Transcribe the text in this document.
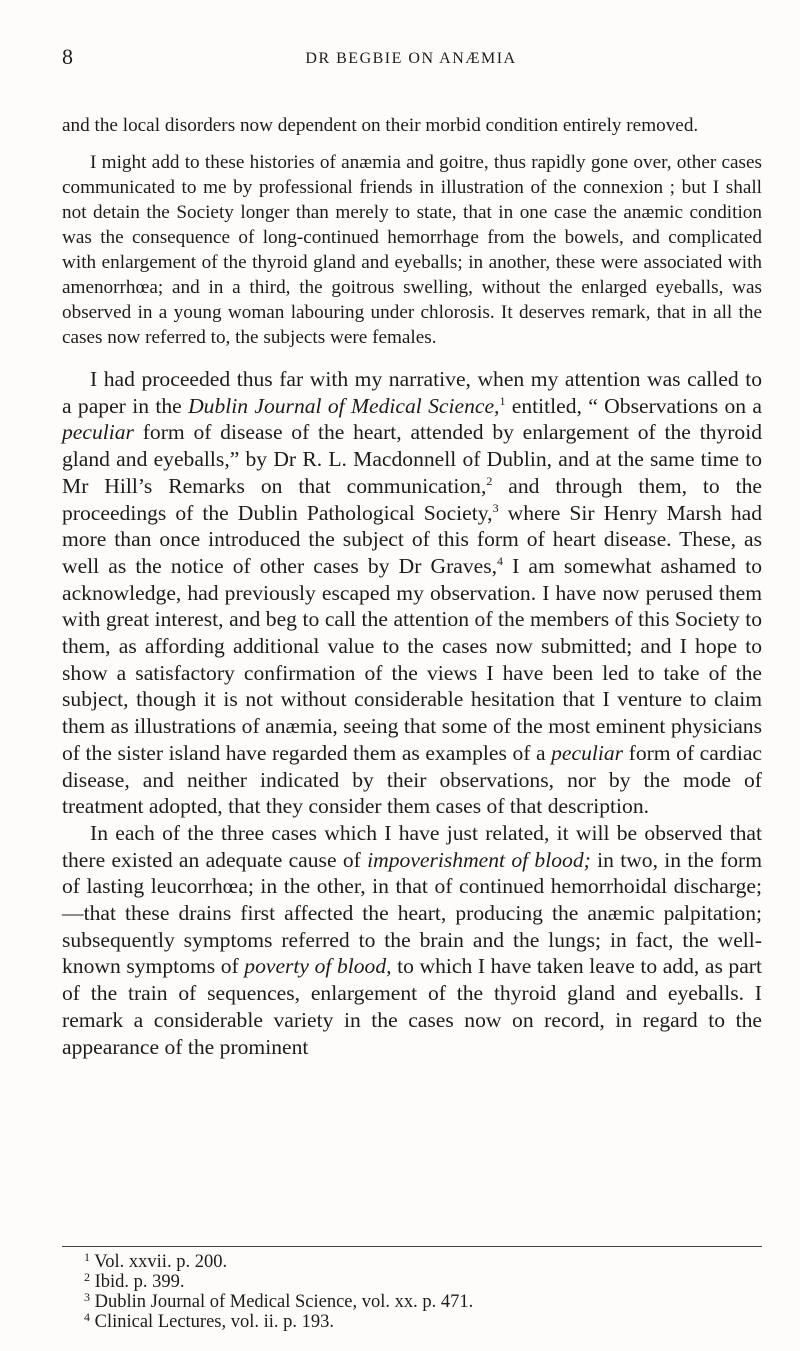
8	DR BEGBIE ON ANÆMIA

and the local disorders now dependent on their morbid condition entirely removed.

I might add to these histories of anæmia and goitre, thus rapidly gone over, other cases communicated to me by professional friends in illustration of the connexion ; but I shall not detain the Society longer than merely to state, that in one case the anæmic condition was the consequence of long-continued hemorrhage from the bowels, and complicated with enlargement of the thyroid gland and eyeballs; in another, these were associated with amenorrhœa; and in a third, the goitrous swelling, without the enlarged eyeballs, was observed in a young woman labouring under chlorosis. It deserves remark, that in all the cases now referred to, the subjects were females.

I had proceeded thus far with my narrative, when my attention was called to a paper in the Dublin Journal of Medical Science,$^1$ entitled, “ Observations on a peculiar form of disease of the heart, attended by enlargement of the thyroid gland and eyeballs,” by Dr R. L. Macdonnell of Dublin, and at the same time to Mr Hill’s Remarks on that communication,$^2$ and through them, to the proceedings of the Dublin Pathological Society,$^3$ where Sir Henry Marsh had more than once introduced the subject of this form of heart disease. These, as well as the notice of other cases by Dr Graves,$^4$ I am somewhat ashamed to acknowledge, had previously escaped my observation. I have now perused them with great interest, and beg to call the attention of the members of this Society to them, as affording additional value to the cases now submitted; and I hope to show a satisfactory confirmation of the views I have been led to take of the subject, though it is not without considerable hesitation that I venture to claim them as illustrations of anæmia, seeing that some of the most eminent physicians of the sister island have regarded them as examples of a peculiar form of cardiac disease, and neither indicated by their observations, nor by the mode of treatment adopted, that they consider them cases of that description.

In each of the three cases which I have just related, it will be observed that there existed an adequate cause of impoverishment of blood; in two, in the form of lasting leucorrhœa; in the other, in that of continued hemorrhoidal discharge;—that these drains first affected the heart, producing the anæmic palpitation; subsequently symptoms referred to the brain and the lungs; in fact, the well-known symptoms of poverty of blood, to which I have taken leave to add, as part of the train of sequences, enlargement of the thyroid gland and eyeballs. I remark a considerable variety in the cases now on record, in regard to the appearance of the prominent

$^1$ Vol. xxvii. p. 200.
$^2$ Ibid. p. 399.
$^3$ Dublin Journal of Medical Science, vol. xx. p. 471.
$^4$ Clinical Lectures, vol. ii. p. 193.
